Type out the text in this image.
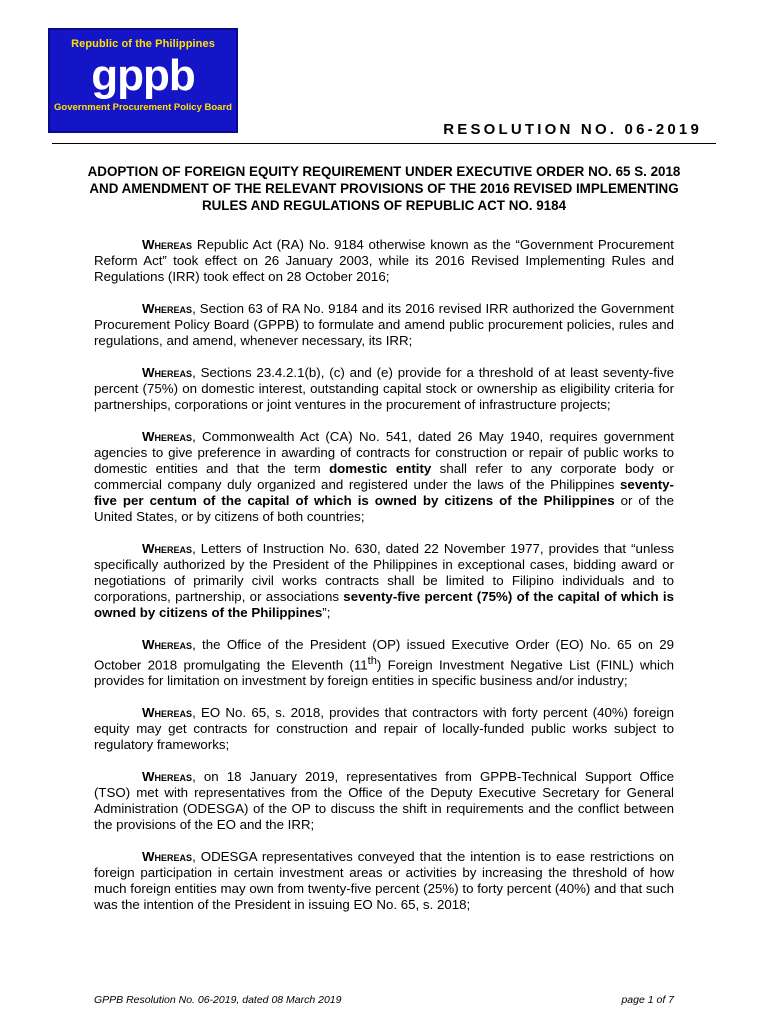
Republic of the Philippines
gppb
Government Procurement Policy Board
RESOLUTION NO. 06-2019
ADOPTION OF FOREIGN EQUITY REQUIREMENT UNDER EXECUTIVE ORDER NO. 65 S. 2018 AND AMENDMENT OF THE RELEVANT PROVISIONS OF THE 2016 REVISED IMPLEMENTING RULES AND REGULATIONS OF REPUBLIC ACT NO. 9184

Whereas Republic Act (RA) No. 9184 otherwise known as the “Government Procurement Reform Act” took effect on 26 January 2003, while its 2016 Revised Implementing Rules and Regulations (IRR) took effect on 28 October 2016;

Whereas, Section 63 of RA No. 9184 and its 2016 revised IRR authorized the Government Procurement Policy Board (GPPB) to formulate and amend public procurement policies, rules and regulations, and amend, whenever necessary, its IRR;

Whereas, Sections 23.4.2.1(b), (c) and (e) provide for a threshold of at least seventy-five percent (75%) on domestic interest, outstanding capital stock or ownership as eligibility criteria for partnerships, corporations or joint ventures in the procurement of infrastructure projects;

Whereas, Commonwealth Act (CA) No. 541, dated 26 May 1940, requires government agencies to give preference in awarding of contracts for construction or repair of public works to domestic entities and that the term domestic entity shall refer to any corporate body or commercial company duly organized and registered under the laws of the Philippines seventy-five per centum of the capital of which is owned by citizens of the Philippines or of the United States, or by citizens of both countries;

Whereas, Letters of Instruction No. 630, dated 22 November 1977, provides that “unless specifically authorized by the President of the Philippines in exceptional cases, bidding award or negotiations of primarily civil works contracts shall be limited to Filipino individuals and to corporations, partnership, or associations seventy-five percent (75%) of the capital of which is owned by citizens of the Philippines”;

Whereas, the Office of the President (OP) issued Executive Order (EO) No. 65 on 29 October 2018 promulgating the Eleventh (11th) Foreign Investment Negative List (FINL) which provides for limitation on investment by foreign entities in specific business and/or industry;

Whereas, EO No. 65, s. 2018, provides that contractors with forty percent (40%) foreign equity may get contracts for construction and repair of locally-funded public works subject to regulatory frameworks;

Whereas, on 18 January 2019, representatives from GPPB-Technical Support Office (TSO) met with representatives from the Office of the Deputy Executive Secretary for General Administration (ODESGA) of the OP to discuss the shift in requirements and the conflict between the provisions of the EO and the IRR;

Whereas, ODESGA representatives conveyed that the intention is to ease restrictions on foreign participation in certain investment areas or activities by increasing the threshold of how much foreign entities may own from twenty-five percent (25%) to forty percent (40%) and that such was the intention of the President in issuing EO No. 65, s. 2018;

GPPB Resolution No. 06-2019, dated 08 March 2019	page 1 of 7
